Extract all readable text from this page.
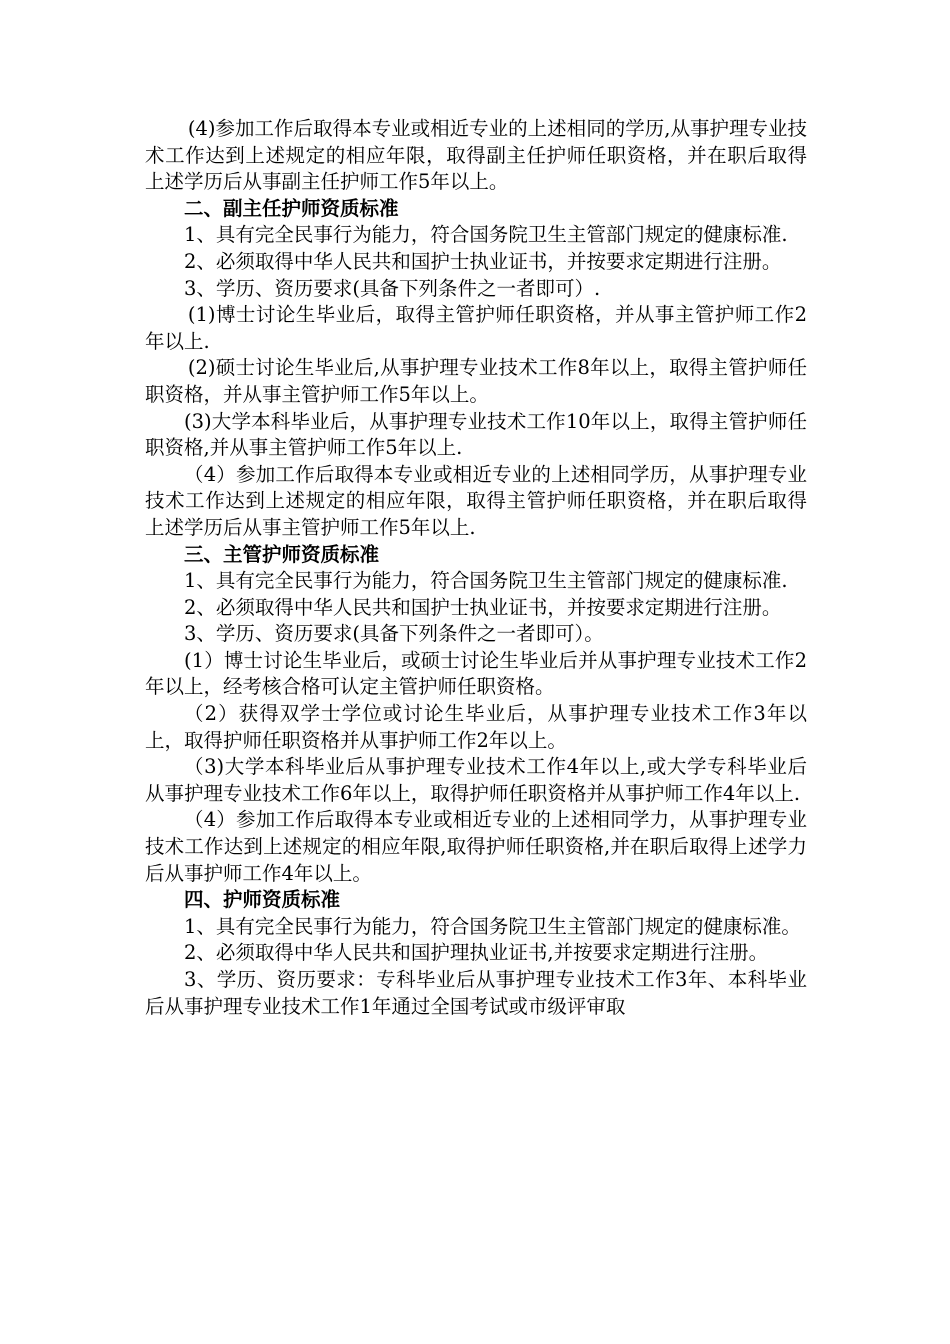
(4)参加工作后取得本专业或相近专业的上述相同的学历,从事护理专业技术工作达到上述规定的相应年限，取得副主任护师任职资格，并在职后取得上述学历后从事副主任护师工作5年以上。

二、副主任护师资质标准

1、具有完全民事行为能力，符合国务院卫生主管部门规定的健康标准.

2、必须取得中华人民共和国护士执业证书，并按要求定期进行注册。

3、学历、资历要求(具备下列条件之一者即可）.

(1)博士讨论生毕业后，取得主管护师任职资格，并从事主管护师工作2年以上.

(2)硕士讨论生毕业后,从事护理专业技术工作8年以上，取得主管护师任职资格，并从事主管护师工作5年以上。

(3)大学本科毕业后，从事护理专业技术工作10年以上，取得主管护师任职资格,并从事主管护师工作5年以上.

（4）参加工作后取得本专业或相近专业的上述相同学历，从事护理专业技术工作达到上述规定的相应年限，取得主管护师任职资格，并在职后取得上述学历后从事主管护师工作5年以上.

三、主管护师资质标准

1、具有完全民事行为能力，符合国务院卫生主管部门规定的健康标准.

2、必须取得中华人民共和国护士执业证书，并按要求定期进行注册。

3、学历、资历要求(具备下列条件之一者即可）。

(1）博士讨论生毕业后，或硕士讨论生毕业后并从事护理专业技术工作2年以上，经考核合格可认定主管护师任职资格。

（2）获得双学士学位或讨论生毕业后，从事护理专业技术工作3年以上，取得护师任职资格并从事护师工作2年以上。

（3)大学本科毕业后从事护理专业技术工作4年以上,或大学专科毕业后从事护理专业技术工作6年以上，取得护师任职资格并从事护师工作4年以上.

（4）参加工作后取得本专业或相近专业的上述相同学力，从事护理专业技术工作达到上述规定的相应年限,取得护师任职资格,并在职后取得上述学力后从事护师工作4年以上。

四、护师资质标准

1、具有完全民事行为能力，符合国务院卫生主管部门规定的健康标准。

2、必须取得中华人民共和国护理执业证书,并按要求定期进行注册。

3、学历、资历要求：专科毕业后从事护理专业技术工作3年、本科毕业后从事护理专业技术工作1年通过全国考试或市级评审取
